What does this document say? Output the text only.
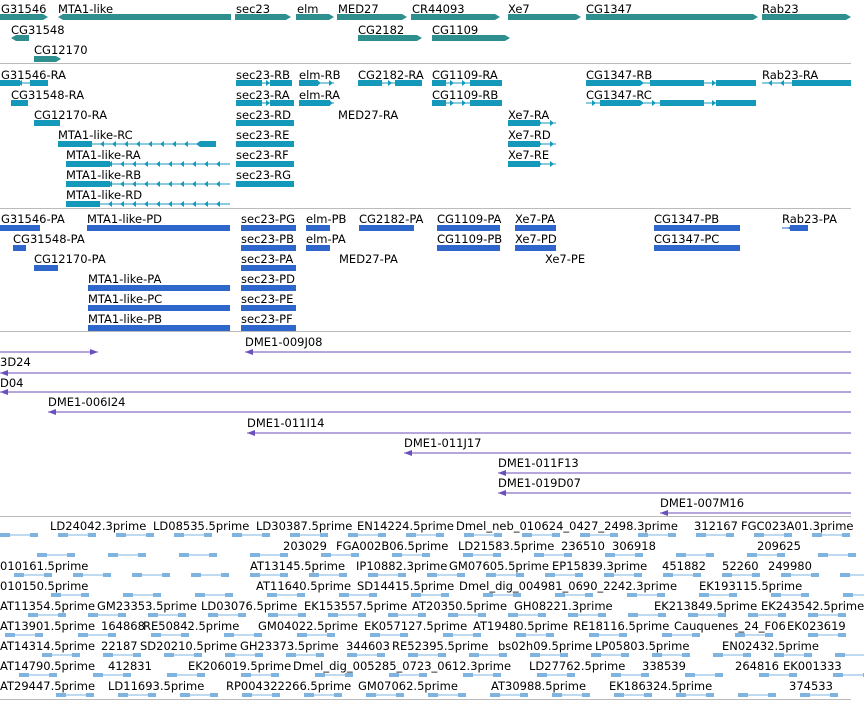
G31546 MTA1-like	sec23 elm MED27	CR44093	Xe7	CG1347	Rab23
CG31548	CG2182 CG1109
CG12170
G31546-RA	sec23-RB elm-RB CG2182-RA CG1109-RA	CG1347-RB	Rab23-RA
CG31548-RA	sec23-RA elm-RA	CG1109-RB	CG1347-RC
sec23-RD	MED27-RA	Xe7-RA
CG12170-RA
MTA1-like-RC	sec23-RE	Xe7-RD
MTA1-like-RA	sec23-RF	Xe7-RE
MTA1-like-RB	sec23-RG
MTA1-like-RD
G31546-PA MTA1-like-PD	sec23-PG elm-PB CG2182-PA CG1109-PA Xe7-PA	CG1347-PB	Rab23-PA
CG31548-PA	sec23-PB elm-PA	CG1109-PB Xe7-PD	CG1347-PC
CG12170-PA	sec23-PA	MED27-PA	Xe7-PE
MTA1-like-PA	sec23-PD
MTA1-like-PC	sec23-PE
MTA1-like-PB	sec23-PF
3D24
DME1-009J08
D04
DME1-006I24
DME1-011I14
DME1-011J17
DME1-011F13
DME1-019D07
DME1-007M16
LD24042.3prime LD08535.5prime LD30387.5prime EN14224.5prime Dmel_neb_010624_0427_2498.3prime 312167 FGC023A01.3prime
203029 FGA002B06.5prime LD21583.5prime 236510 306918	209625
010161.5prime	AT13145.5prime IP10882.3prime GM07605.5prime EP15839.3prime 451882 52260 249980
010150.5prime	AT11640.5prime SD14415.5prime Dmel_dig_004981_0690_2242.3prime EK193115.5prime
AT11354.5prime GM23353.5prime LD03076.5prime EK153557.5prime AT20350.5prime GH08221.3prime	EK213849.5prime EK243542.5prime
AT13901.5prime 164868
RE50842.5prime GM04022.5prime EK057127.5prime AT19480.5prime RE18116.5prime Cauquenes_24_F06 EK023619
AT14314.5prime 22187 SD20210.5prime GH23373.5prime 344603 RE52395.5prime bs02h09.5prime LP05803.5prime	EN02432.5prime
AT14790.5prime 412831	EK206019.5prime Dmel_dig_005285_0723_0612.3prime LD27762.5prime 338539	264816 EK001333
AT29447.5prime LD11693.5prime RP004322266.5prime GM07062.5prime	AT30988.5prime EK186324.5prime	374533
